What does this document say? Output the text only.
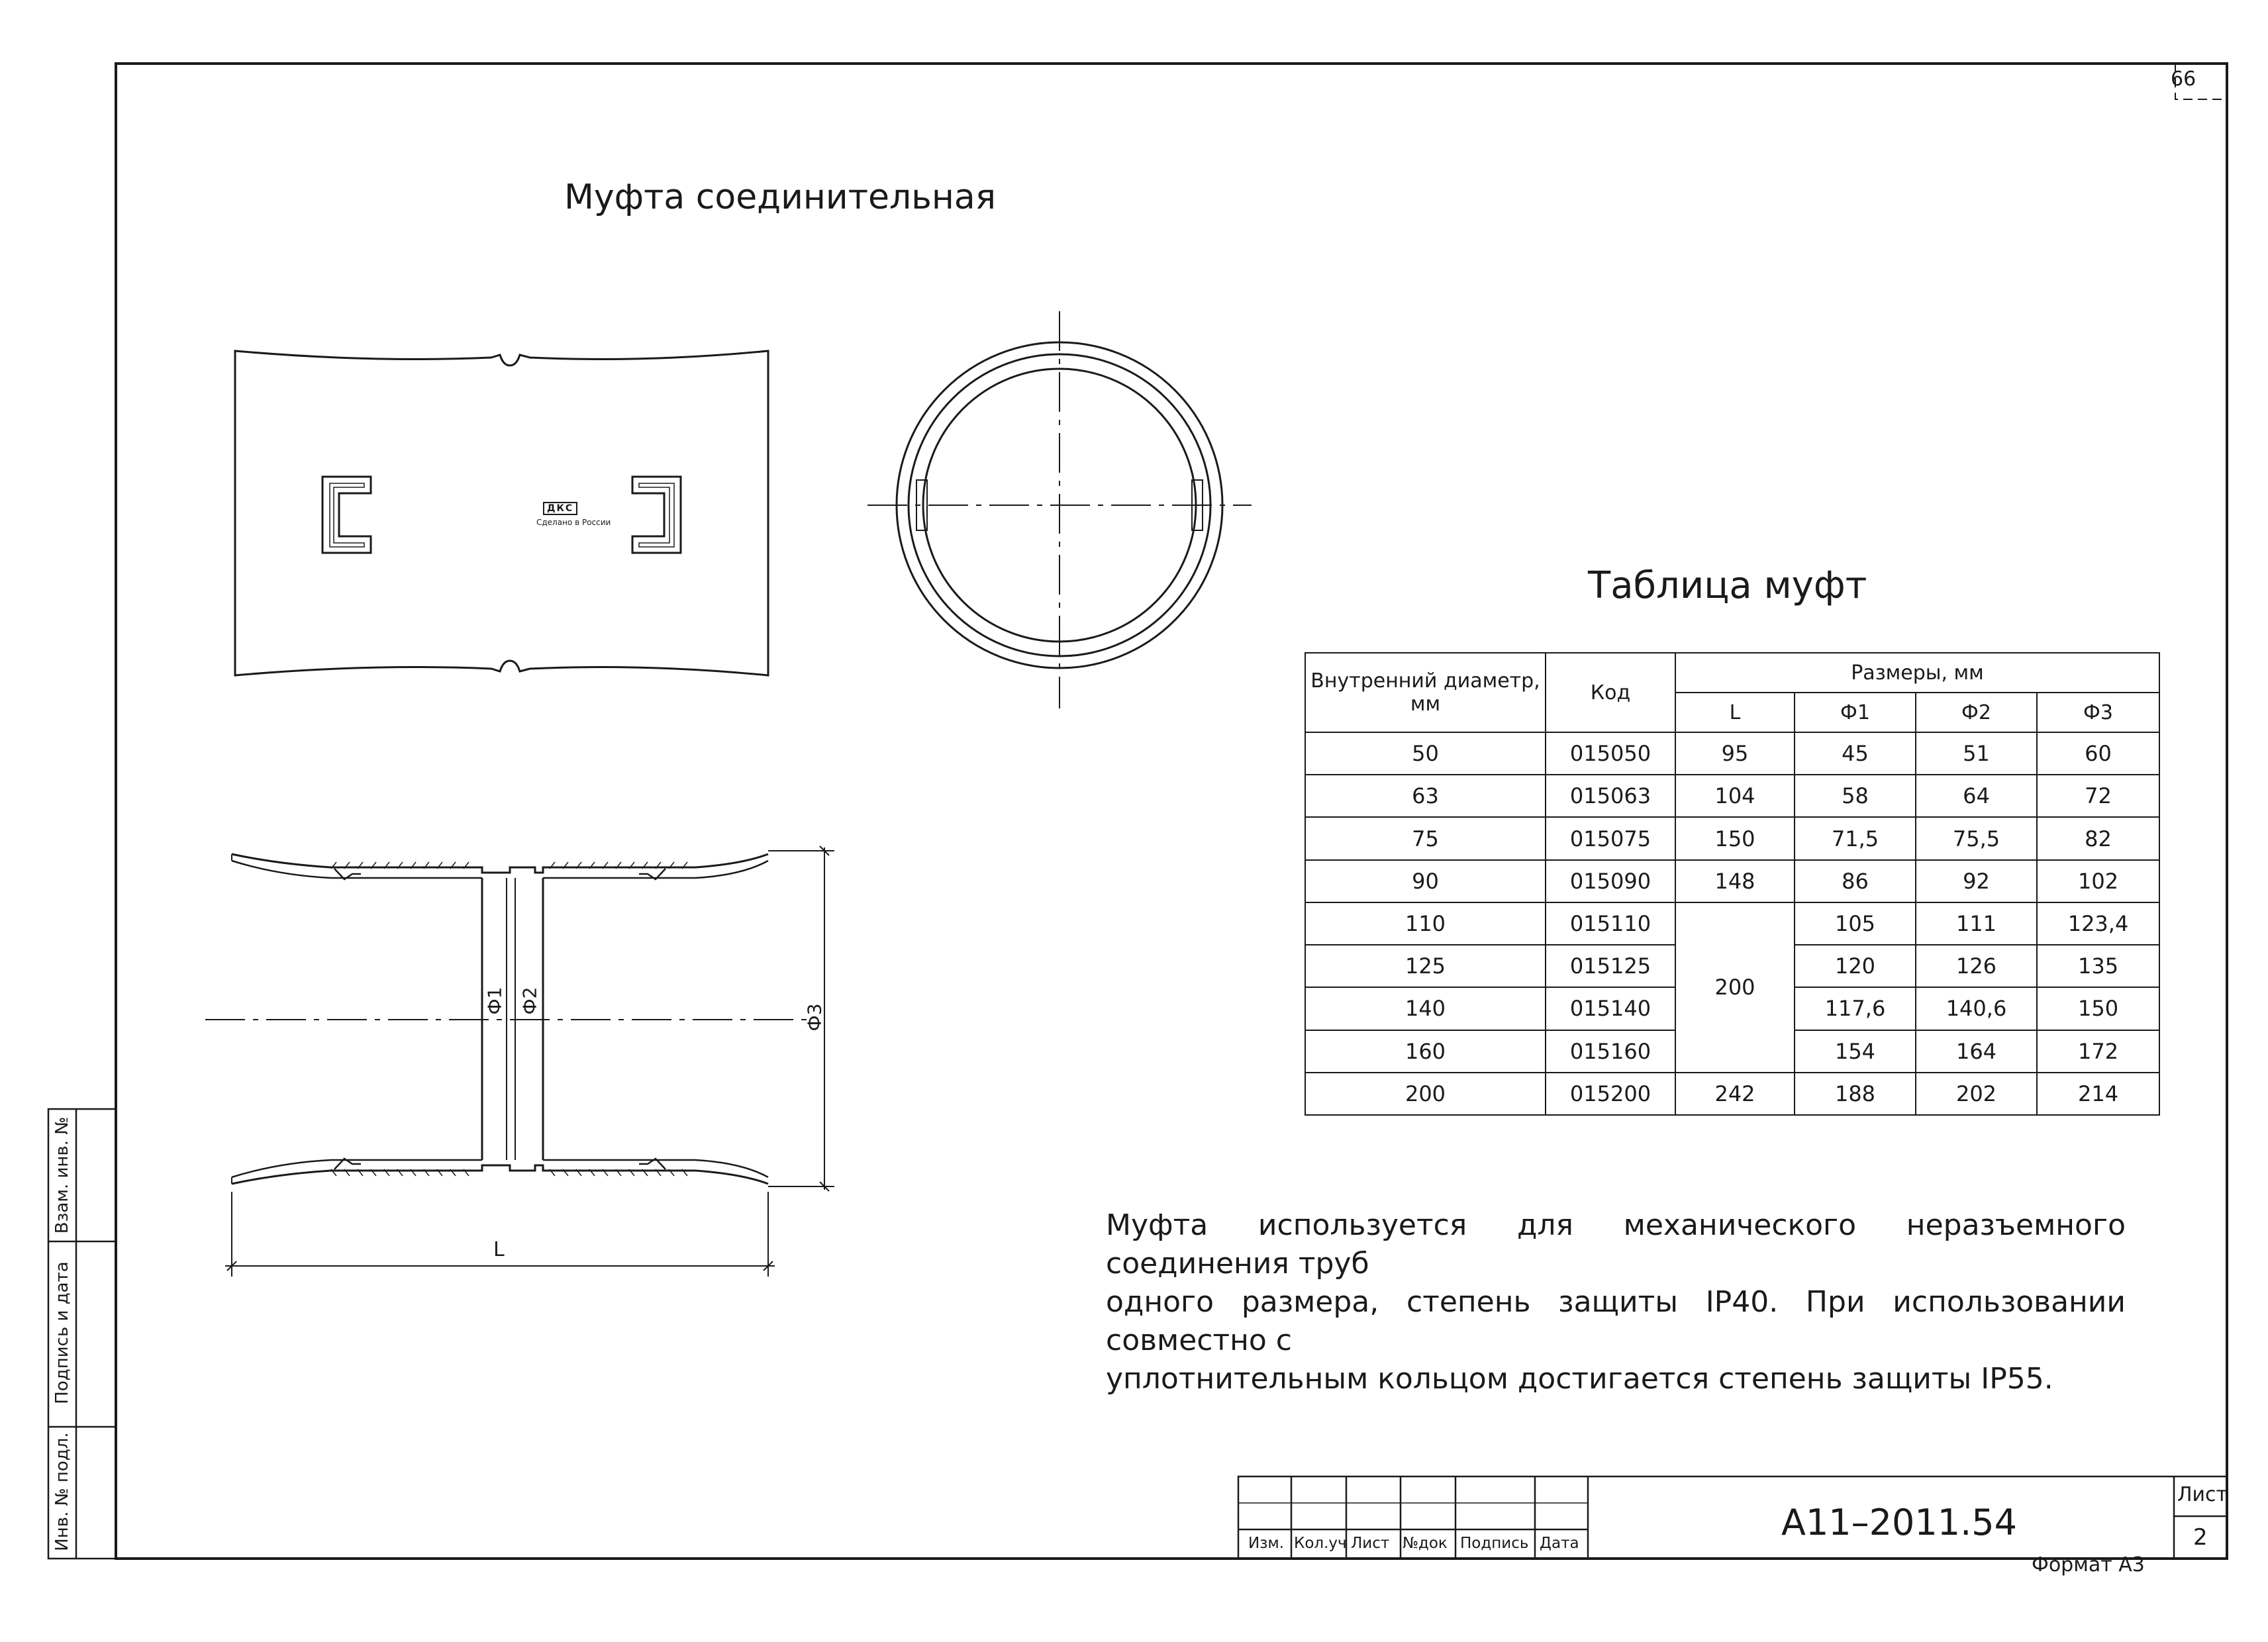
66
Муфта соединительная
ДКС
Сделано в России
Ф1 Ф2
Ф3
L
Таблица муфт
Внутренний диаметр, мм	Код	Размеры, мм			
		L	Ф1	Ф2	Ф3
50	015050	95	45	51	60
63	015063	104	58	64	72
75	015075	150	71,5	75,5	82
90	015090	148	86	92	102
110	015110	200	105	111	123,4
125	015125		120	126	135
140	015140		117,6	140,6	150
160	015160		154	164	172
200	015200	242	188	202	214
Муфта используется для механического неразъемного соединения труб
одного размера, степень защиты IP40. При использовании совместно с
уплотнительным кольцом достигается степень защиты IP55.
Взам. инв. №
Подпись и дата
Инв. № подл.	Изм. Кол.уч Лист №док Подпись Дата	А11–2011.54
Лист
2
Формат А3
